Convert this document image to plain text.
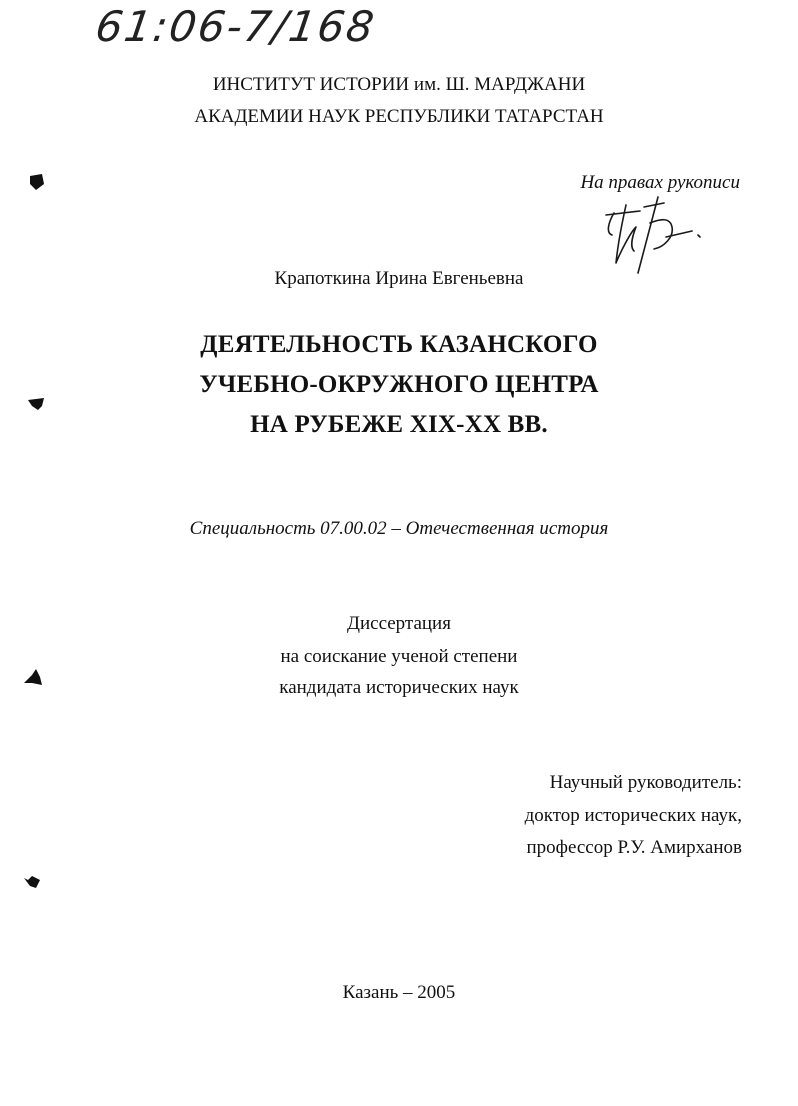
61:06-7/168
ИНСТИТУТ ИСТОРИИ им. Ш. МАРДЖАНИ
АКАДЕМИИ НАУК РЕСПУБЛИКИ ТАТАРСТАН
На правах рукописи
Крапоткина Ирина Евгеньевна
ДЕЯТЕЛЬНОСТЬ КАЗАНСКОГО
УЧЕБНО-ОКРУЖНОГО ЦЕНТРА
НА РУБЕЖЕ XIX-XX ВВ.
Специальность 07.00.02 – Отечественная история
Диссертация
на соискание ученой степени
кандидата исторических наук
Научный руководитель:
доктор исторических наук,
профессор Р.У. Амирханов
Казань – 2005
